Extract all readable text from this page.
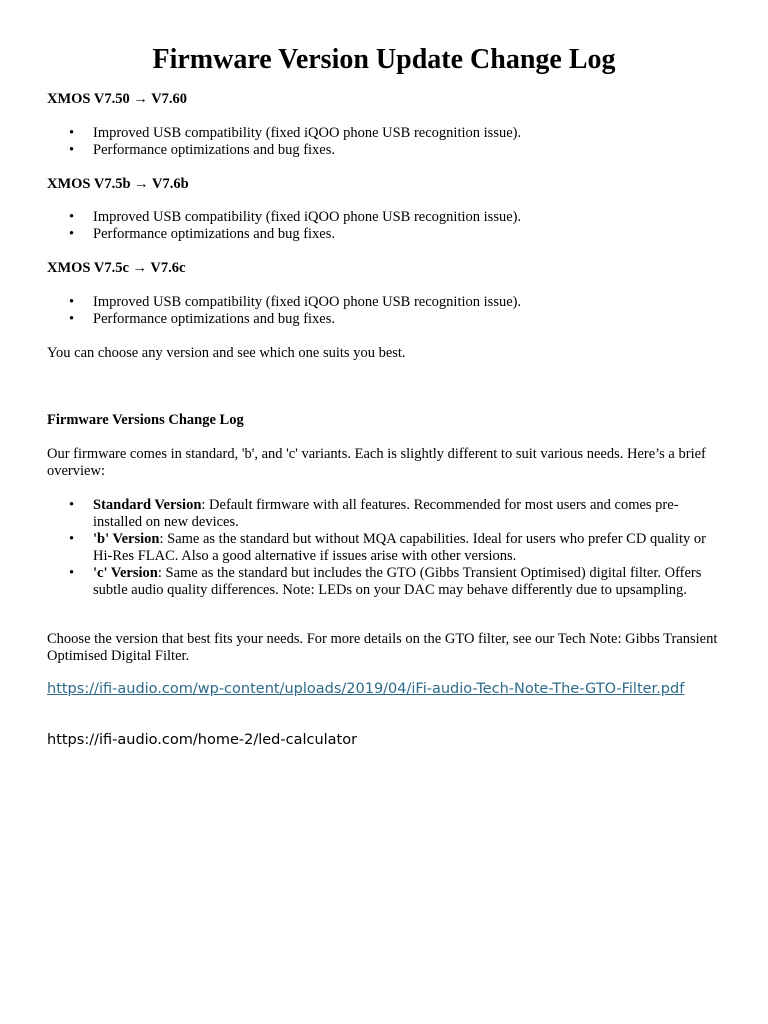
Firmware Version Update Change Log

XMOS V7.50 → V7.60

• Improved USB compatibility (fixed iQOO phone USB recognition issue).
• Performance optimizations and bug fixes.

XMOS V7.5b → V7.6b

• Improved USB compatibility (fixed iQOO phone USB recognition issue).
• Performance optimizations and bug fixes.

XMOS V7.5c → V7.6c

• Improved USB compatibility (fixed iQOO phone USB recognition issue).
• Performance optimizations and bug fixes.

You can choose any version and see which one suits you best.

Firmware Versions Change Log

Our firmware comes in standard, 'b', and 'c' variants. Each is slightly different to suit various needs. Here’s a brief overview:

• Standard Version: Default firmware with all features. Recommended for most users and comes pre-installed on new devices.
• 'b' Version: Same as the standard but without MQA capabilities. Ideal for users who prefer CD quality or Hi-Res FLAC. Also a good alternative if issues arise with other versions.
• 'c' Version: Same as the standard but includes the GTO (Gibbs Transient Optimised) digital filter. Offers subtle audio quality differences. Note: LEDs on your DAC may behave differently due to upsampling.

Choose the version that best fits your needs. For more details on the GTO filter, see our Tech Note: Gibbs Transient Optimised Digital Filter.

https://ifi-audio.com/wp-content/uploads/2019/04/iFi-audio-Tech-Note-The-GTO-Filter.pdf

https://ifi-audio.com/home-2/led-calculator
